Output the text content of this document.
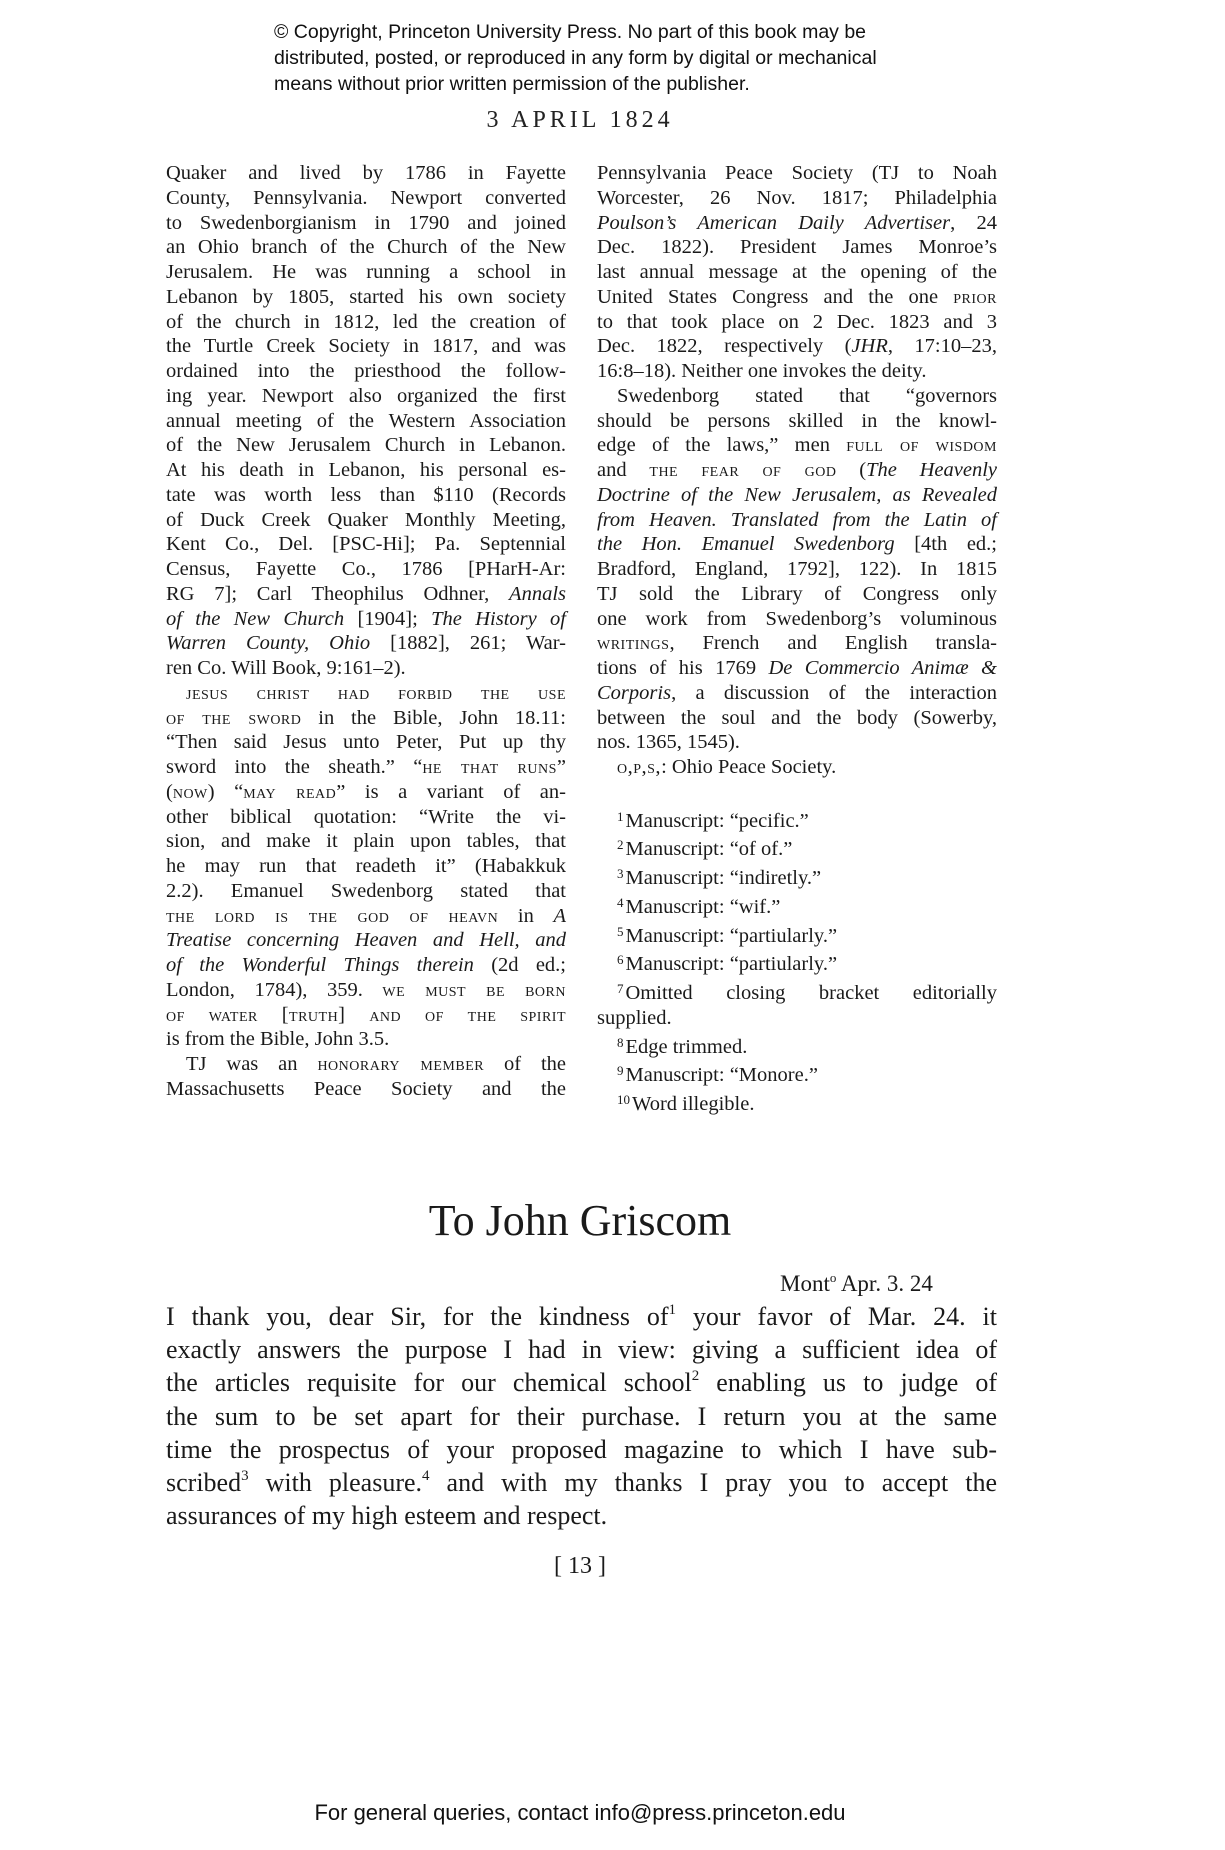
© Copyright, Princeton University Press. No part of this book may be
distributed, posted, or reproduced in any form by digital or mechanical
means without prior written permission of the publisher.
3 APRIL 1824
Quaker and lived by 1786 in Fayette
County, Pennsylvania. Newport converted
to Swedenborgianism in 1790 and joined
an Ohio branch of the Church of the New
Jerusalem. He was running a school in
Lebanon by 1805, started his own society
of the church in 1812, led the creation of
the Turtle Creek Society in 1817, and was
ordained into the priesthood the follow-
ing year. Newport also organized the first
annual meeting of the Western Association
of the New Jerusalem Church in Lebanon.
At his death in Lebanon, his personal es-
tate was worth less than $110 (Records
of Duck Creek Quaker Monthly Meeting,
Kent Co., Del. [PSC-Hi]; Pa. Septennial
Census, Fayette Co., 1786 [PHarH-Ar:
RG 7]; Carl Theophilus Odhner, Annals
of the New Church [1904]; The History of
Warren County, Ohio [1882], 261; War-
ren Co. Will Book, 9:161–2).
jesus christ had forbid the use
of the sword in the Bible, John 18.11:
“Then said Jesus unto Peter, Put up thy
sword into the sheath.” “he that runs”
(now) “may read” is a variant of an-
other biblical quotation: “Write the vi-
sion, and make it plain upon tables, that
he may run that readeth it” (Habakkuk
2.2). Emanuel Swedenborg stated that
the lord is the god of heavn in A
Treatise concerning Heaven and Hell, and
of the Wonderful Things therein (2d ed.;
London, 1784), 359. we must be born
of water [truth] and of the spirit
is from the Bible, John 3.5.
TJ was an honorary member of the
Massachusetts Peace Society and the
Pennsylvania Peace Society (TJ to Noah
Worcester, 26 Nov. 1817; Philadelphia
Poulson’s American Daily Advertiser, 24
Dec. 1822). President James Monroe’s
last annual message at the opening of the
United States Congress and the one prior
to that took place on 2 Dec. 1823 and 3
Dec. 1822, respectively (JHR, 17:10–23,
16:8–18). Neither one invokes the deity.
Swedenborg stated that “governors
should be persons skilled in the knowl-
edge of the laws,” men full of wisdom
and the fear of god (The Heavenly
Doctrine of the New Jerusalem, as Revealed
from Heaven. Translated from the Latin of
the Hon. Emanuel Swedenborg [4th ed.;
Bradford, England, 1792], 122). In 1815
TJ sold the Library of Congress only
one work from Swedenborg’s voluminous
writings, French and English transla-
tions of his 1769 De Commercio Animæ &
Corporis, a discussion of the interaction
between the soul and the body (Sowerby,
nos. 1365, 1545).
o,p,s,: Ohio Peace Society.
$^1$Manuscript: “pecific.”
$^2$Manuscript: “of of.”
$^3$Manuscript: “indiretly.”
$^4$Manuscript: “wif.”
$^5$Manuscript: “partiularly.”
$^6$Manuscript: “partiularly.”
$^7$Omitted closing bracket editorially
supplied.
$^8$Edge trimmed.
$^9$Manuscript: “Monore.”
$^{10}$Word illegible.
To John Griscom
Mont$^o$ Apr. 3. 24
I thank you, dear Sir, for the kindness $of^1$ your favor of Mar. 24. it
exactly answers the purpose I had in view: giving a sufficient idea of
the articles requisite for our chemical school$^2$ enabling us to judge of
the sum to be set apart for their purchase. I return you at the same
time the prospectus of your proposed magazine to which I have sub-
scribed$^3$ with pleasure.$^4$ and with my thanks I pray you to accept the
assurances of my high esteem and respect.
[ 13 ]
For general queries, contact info@press.princeton.edu
